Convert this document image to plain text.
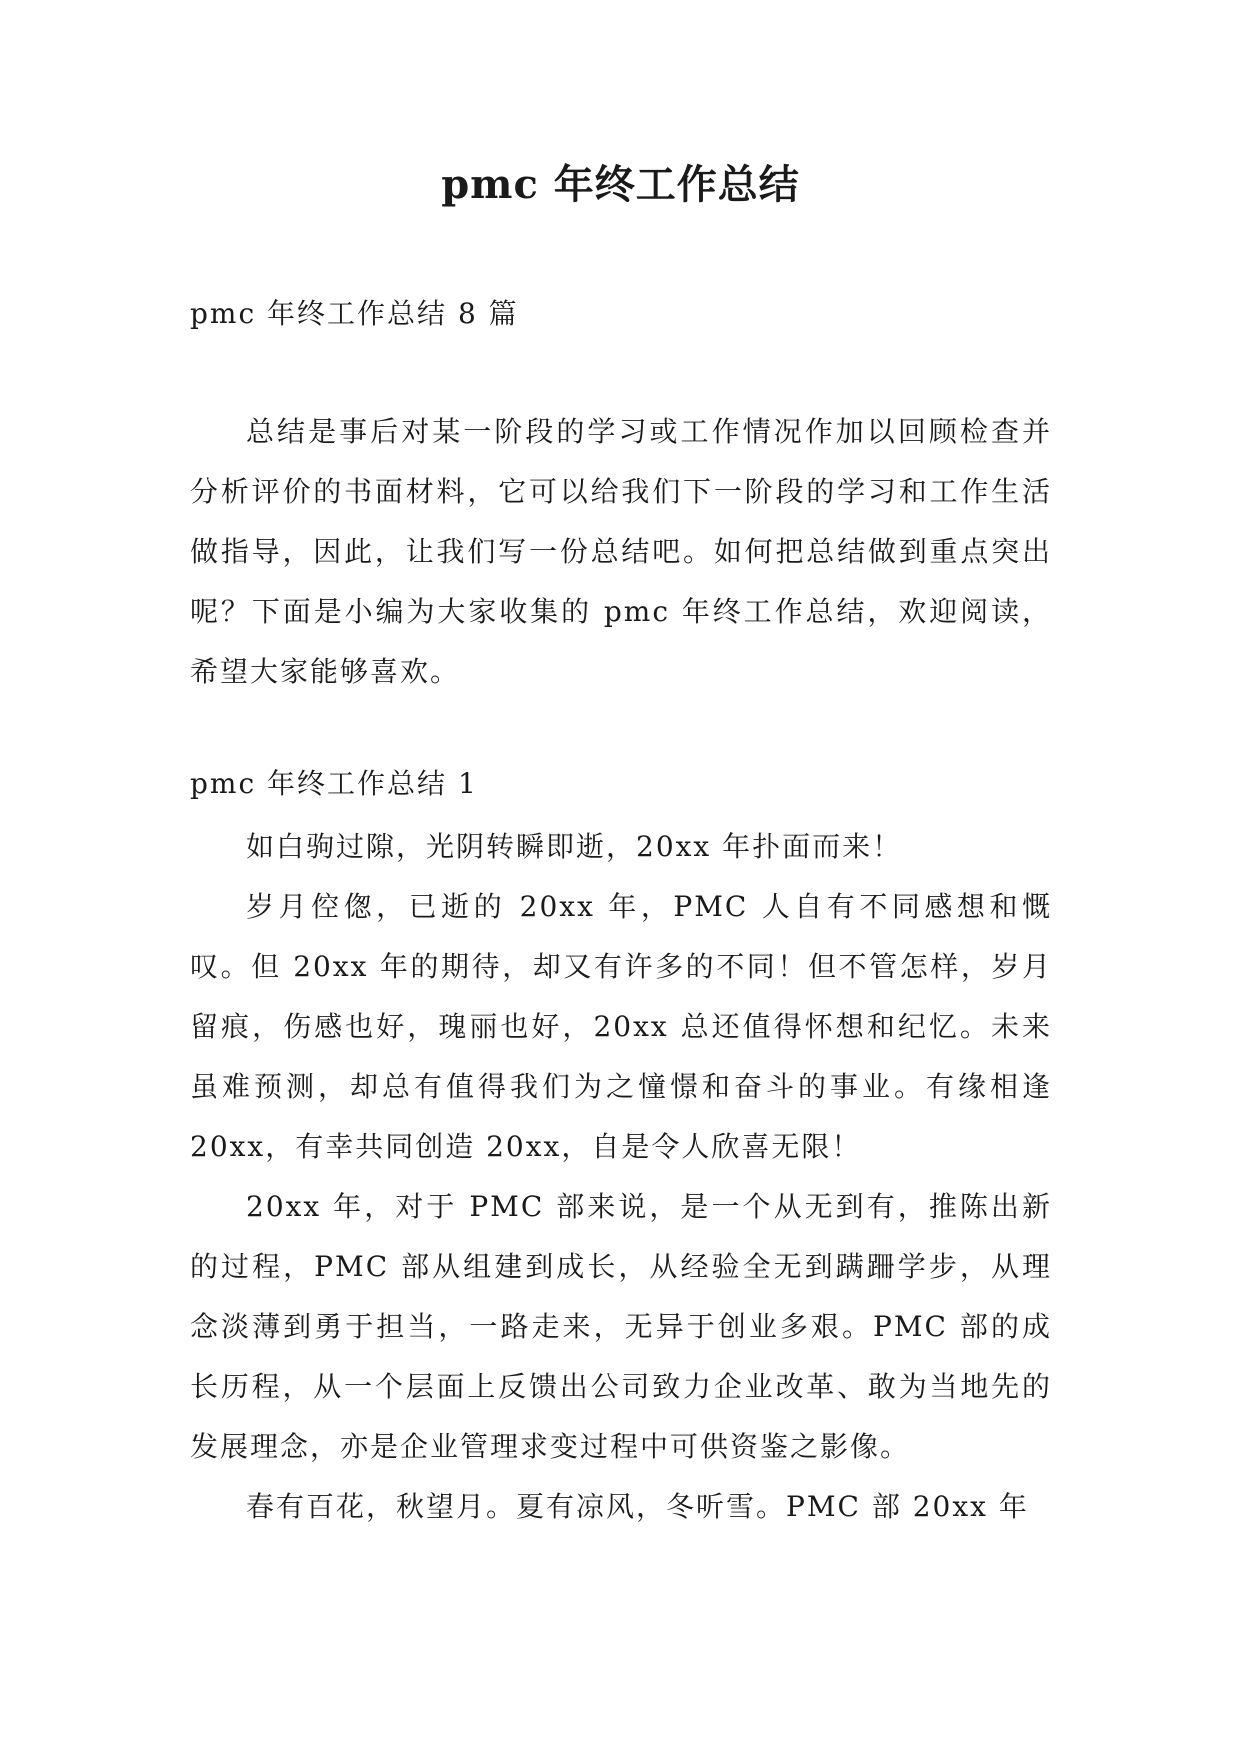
pmc 年终工作总结
pmc 年终工作总结 8 篇

总结是事后对某一阶段的学习或工作情况作加以回顾检查并分析评价的书面材料，它可以给我们下一阶段的学习和工作生活做指导，因此，让我们写一份总结吧。如何把总结做到重点突出呢？下面是小编为大家收集的 pmc 年终工作总结，欢迎阅读，希望大家能够喜欢。

pmc 年终工作总结 1

如白驹过隙，光阴转瞬即逝，20xx 年扑面而来！

岁月倥偬，已逝的 20xx 年，PMC 人自有不同感想和慨叹。但 20xx 年的期待，却又有许多的不同！但不管怎样，岁月留痕，伤感也好，瑰丽也好，20xx 总还值得怀想和纪忆。未来虽难预测，却总有值得我们为之憧憬和奋斗的事业。有缘相逢 20xx，有幸共同创造 20xx，自是令人欣喜无限！

20xx 年，对于 PMC 部来说，是一个从无到有，推陈出新的过程，PMC 部从组建到成长，从经验全无到蹒跚学步，从理念淡薄到勇于担当，一路走来，无异于创业多艰。PMC 部的成长历程，从一个层面上反馈出公司致力企业改革、敢为当地先的发展理念，亦是企业管理求变过程中可供资鉴之影像。

春有百花，秋望月。夏有凉风，冬听雪。PMC 部 20xx 年
